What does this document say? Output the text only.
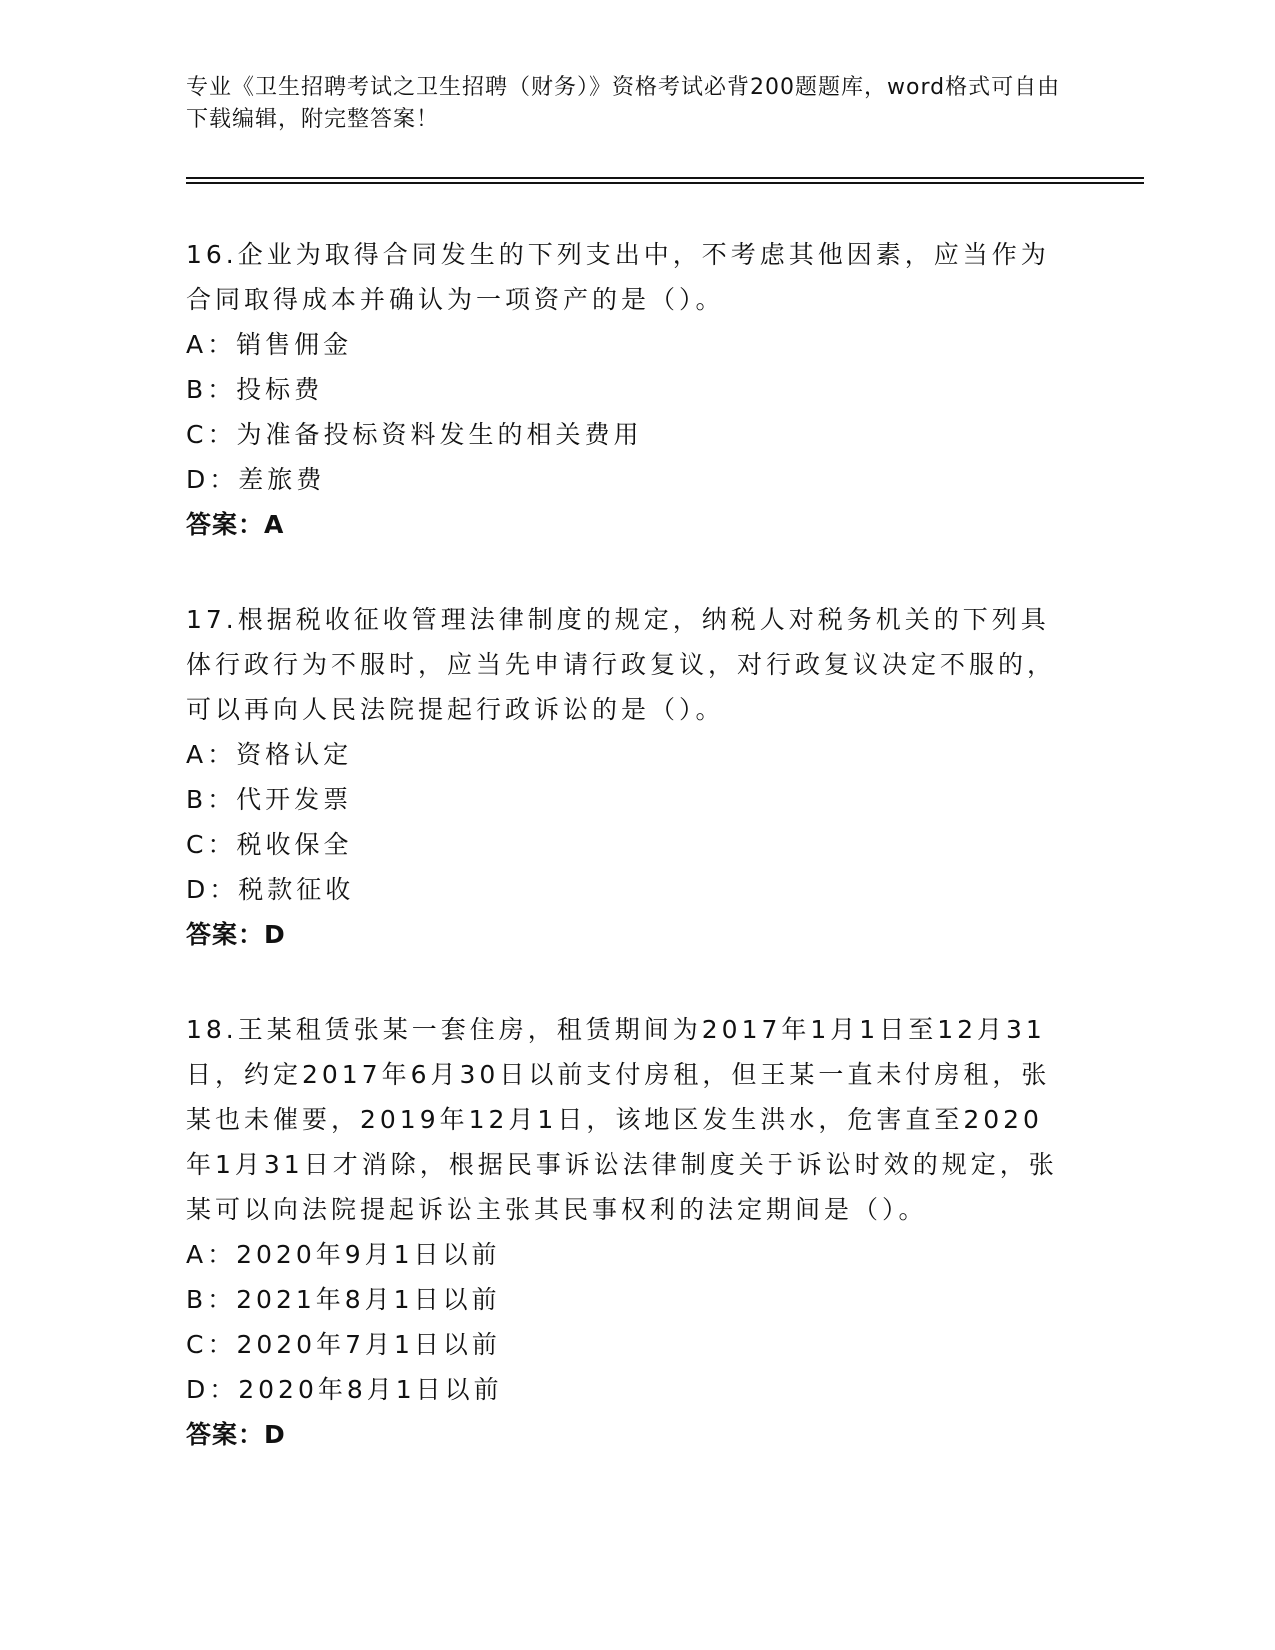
专业《卫生招聘考试之卫生招聘（财务）》资格考试必背200题题库，word格式可自由下载编辑，附完整答案！
16.企业为取得合同发生的下列支出中，不考虑其他因素，应当作为合同取得成本并确认为一项资产的是（）。
A：销售佣金
B：投标费
C：为准备投标资料发生的相关费用
D：差旅费
答案：A
17.根据税收征收管理法律制度的规定，纳税人对税务机关的下列具体行政行为不服时，应当先申请行政复议，对行政复议决定不服的，可以再向人民法院提起行政诉讼的是（）。
A：资格认定
B：代开发票
C：税收保全
D：税款征收
答案：D
18.王某租赁张某一套住房，租赁期间为2017年1月1日至12月31日，约定2017年6月30日以前支付房租，但王某一直未付房租，张某也未催要，2019年12月1日，该地区发生洪水，危害直至2020年1月31日才消除，根据民事诉讼法律制度关于诉讼时效的规定，张某可以向法院提起诉讼主张其民事权利的法定期间是（）。
A：2020年9月1日以前
B：2021年8月1日以前
C：2020年7月1日以前
D：2020年8月1日以前
答案：D
